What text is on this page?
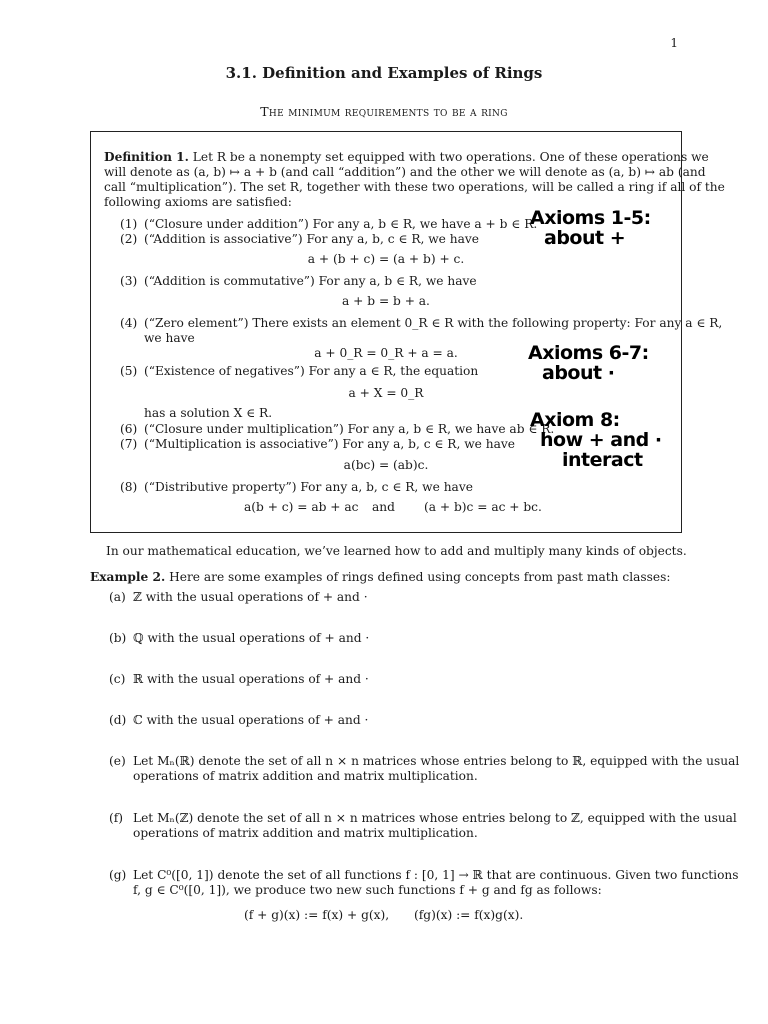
1
3.1. Definition and Examples of Rings
The minimum requirements to be a ring
Definition 1. Let R be a nonempty set equipped with two operations. One of these operations we
will denote as (a, b) ↦ a + b (and call “addition”) and the other we will denote as (a, b) ↦ ab (and
call “multiplication”). The set R, together with these two operations, will be called a ring if all of the
following axioms are satisfied:
(1) (“Closure under addition”) For any a, b ∈ R, we have a + b ∈ R.
(2) (“Addition is associative”) For any a, b, c ∈ R, we have
a + (b + c) = (a + b) + c.
(3) (“Addition is commutative”) For any a, b ∈ R, we have
a + b = b + a.
(4) (“Zero element”) There exists an element 0_R ∈ R with the following property: For any a ∈ R,
we have
a + 0_R = 0_R + a = a.
(5) (“Existence of negatives”) For any a ∈ R, the equation
a + X = 0_R
has a solution X ∈ R.
(6) (“Closure under multiplication”) For any a, b ∈ R, we have ab ∈ R.
(7) (“Multiplication is associative”) For any a, b, c ∈ R, we have
a(bc) = (ab)c.
(8) (“Distributive property”) For any a, b, c ∈ R, we have
a(b + c) = ab + ac and (a + b)c = ac + bc.
Axioms 1-5:
about +
Axioms 6-7:
about ·
Axiom 8:
how + and ·
interact
In our mathematical education, we’ve learned how to add and multiply many kinds of objects.
Example 2. Here are some examples of rings defined using concepts from past math classes:
(a) ℤ with the usual operations of + and ·
(b) ℚ with the usual operations of + and ·
(c) ℝ with the usual operations of + and ·
(d) ℂ with the usual operations of + and ·
(e) Let Mₙ(ℝ) denote the set of all n × n matrices whose entries belong to ℝ, equipped with the usual
operations of matrix addition and matrix multiplication.
(f) Let Mₙ(ℤ) denote the set of all n × n matrices whose entries belong to ℤ, equipped with the usual
operations of matrix addition and matrix multiplication.
(g) Let C⁰([0, 1]) denote the set of all functions f : [0, 1] → ℝ that are continuous. Given two functions
f, g ∈ C⁰([0, 1]), we produce two new such functions f + g and fg as follows:
(f + g)(x) := f(x) + g(x), (fg)(x) := f(x)g(x).
